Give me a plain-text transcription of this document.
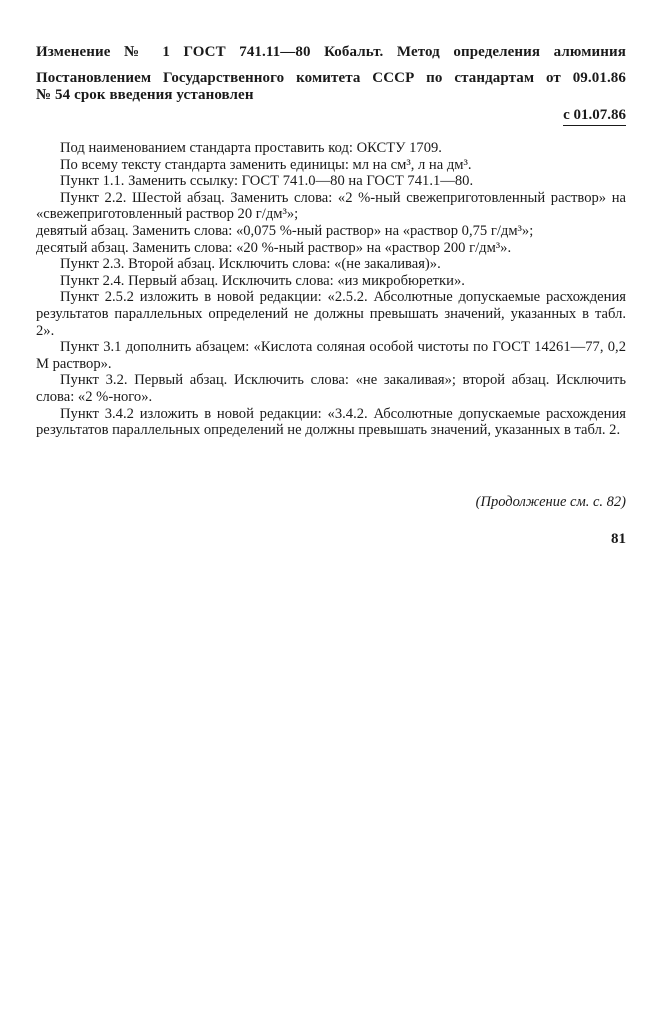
Изменение № 1 ГОСТ 741.11—80 Кобальт. Метод определения алюминия
Постановлением Государственного комитета СССР по стандартам от 09.01.86
№ 54 срок введения установлен
с 01.07.86
Под наименованием стандарта проставить код: ОКСТУ 1709.
По всему тексту стандарта заменить единицы: мл на см³, л на дм³.
Пункт 1.1. Заменить ссылку: ГОСТ 741.0—80 на ГОСТ 741.1—80.
Пункт 2.2. Шестой абзац. Заменить слова: «2 %-ный свежеприготовленный раствор» на «свежеприготовленный раствор 20 г/дм³»;
девятый абзац. Заменить слова: «0,075 %-ный раствор» на «раствор 0,75 г/дм³»;
десятый абзац. Заменить слова: «20 %-ный раствор» на «раствор 200 г/дм³».
Пункт 2.3. Второй абзац. Исключить слова: «(не закаливая)».
Пункт 2.4. Первый абзац. Исключить слова: «из микробюретки».
Пункт 2.5.2 изложить в новой редакции: «2.5.2. Абсолютные допускаемые расхождения результатов параллельных определений не должны превышать значений, указанных в табл. 2».
Пункт 3.1 дополнить абзацем: «Кислота соляная особой чистоты по ГОСТ 14261—77, 0,2 М раствор».
Пункт 3.2. Первый абзац. Исключить слова: «не закаливая»; второй абзац. Исключить слова: «2 %-ного».
Пункт 3.4.2 изложить в новой редакции: «3.4.2. Абсолютные допускаемые расхождения результатов параллельных определений не должны превышать значений, указанных в табл. 2.
(Продолжение см. с. 82)
81
